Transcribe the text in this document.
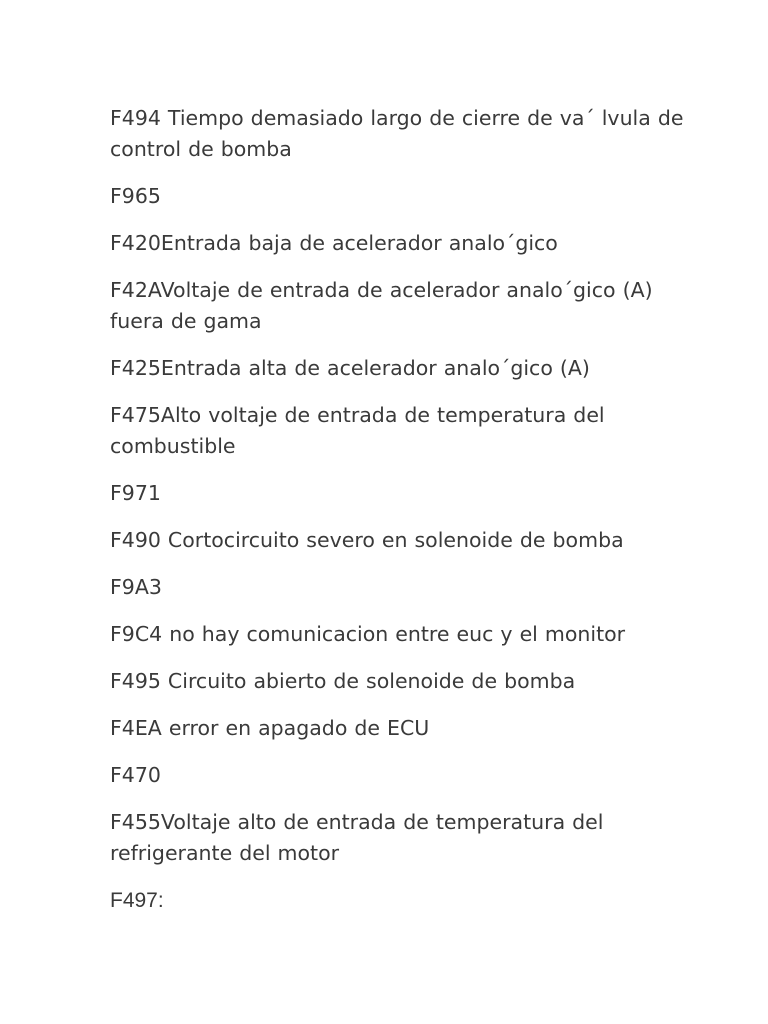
F494 Tiempo demasiado largo de cierre de va´ lvula de control de bomba
F965
F420Entrada baja de acelerador analo´gico
F42AVoltaje de entrada de acelerador analo´gico (A) fuera de gama
F425Entrada alta de acelerador analo´gico (A)
F475Alto voltaje de entrada de temperatura del combustible
F971
F490 Cortocircuito severo en solenoide de bomba
F9A3
F9C4 no hay comunicacion entre euc y el monitor
F495 Circuito abierto de solenoide de bomba
F4EA error en apagado de ECU
F470
F455Voltaje alto de entrada de temperatura del refrigerante del motor
F497:
